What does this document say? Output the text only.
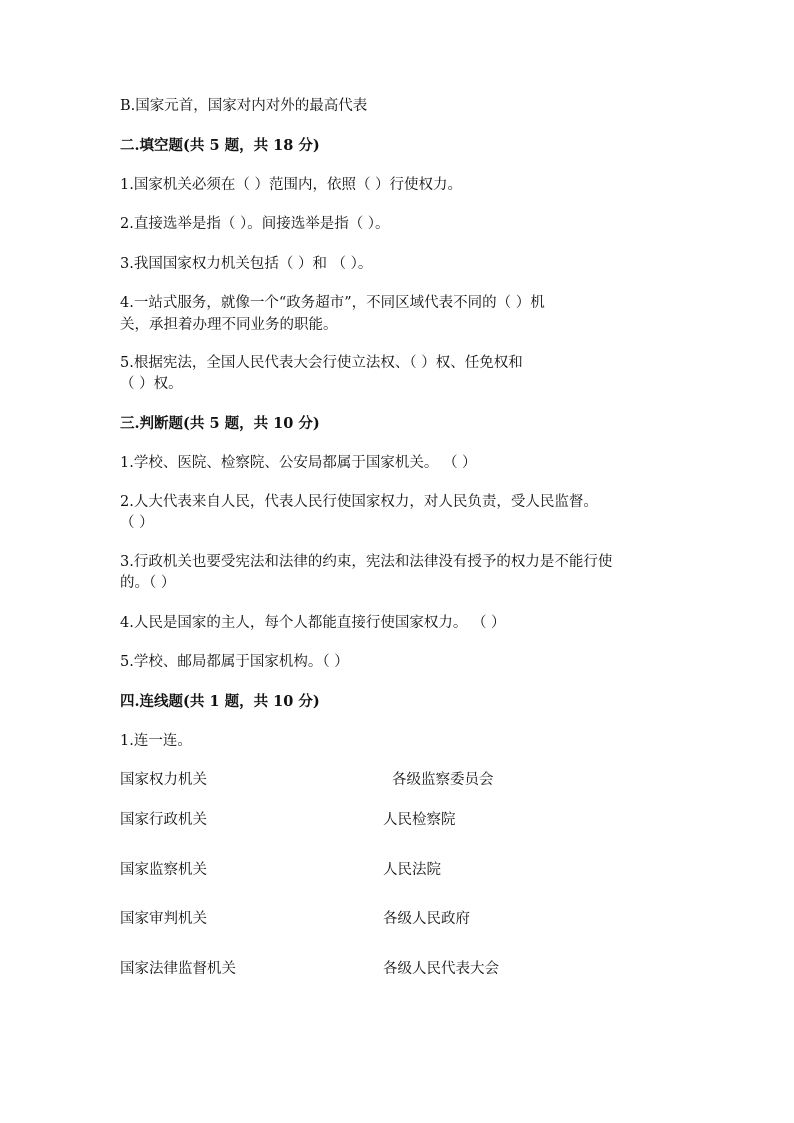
B.国家元首，国家对内对外的最高代表
二.填空题(共 5 题，共 18 分)
1.国家机关必须在（ ）范围内，依照（ ）行使权力。
2.直接选举是指（ ）。间接选举是指（ ）。
3.我国国家权力机关包括（ ）和 （ ）。
4.一站式服务，就像一个“政务超市”，不同区域代表不同的（ ）机
关，承担着办理不同业务的职能。
5.根据宪法，全国人民代表大会行使立法权、（ ）权、任免权和
（ ）权。
三.判断题(共 5 题，共 10 分)
1.学校、医院、检察院、公安局都属于国家机关。 （ ）
2.人大代表来自人民，代表人民行使国家权力，对人民负责，受人民监督。
（ ）
3.行政机关也要受宪法和法律的约束，宪法和法律没有授予的权力是不能行使
的。（ ）
4.人民是国家的主人，每个人都能直接行使国家权力。 （ ）
5.学校、邮局都属于国家机构。（ ）
四.连线题(共 1 题，共 10 分)
1.连一连。
国家权力机关	各级监察委员会
国家行政机关	人民检察院
国家监察机关	人民法院
国家审判机关	各级人民政府
国家法律监督机关	各级人民代表大会
